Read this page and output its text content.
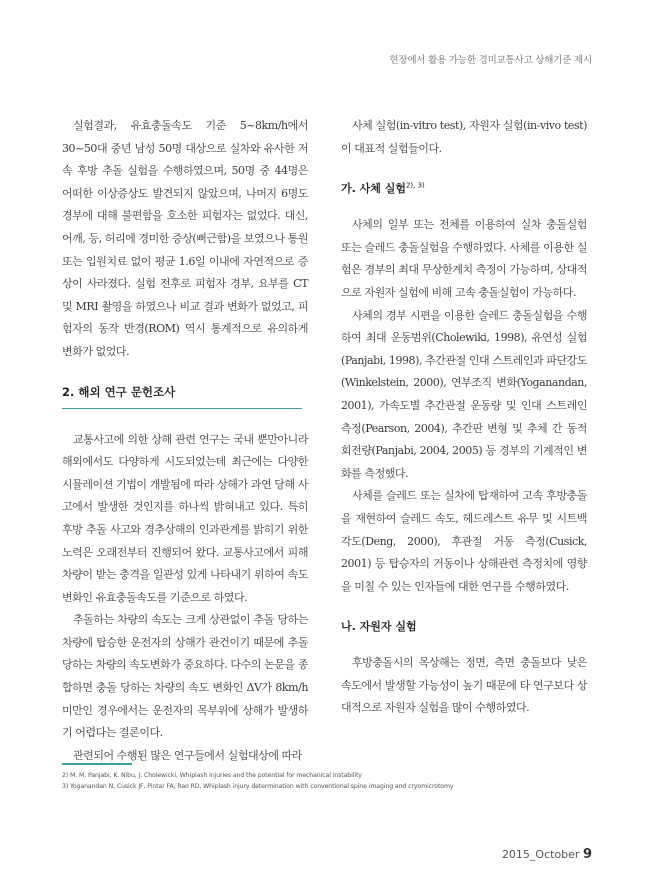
현장에서 활용 가능한 경미교통사고 상해기준 제시

실험결과, 유효충돌속도 기준 5~8km/h에서 30~50대 중년 남성 50명 대상으로 실차와 유사한 저속 후방 추돌 실험을 수행하였으며, 50명 중 44명은 어떠한 이상증상도 발견되지 않았으며, 나머지 6명도 경부에 대해 불편함을 호소한 피험자는 없었다. 대신, 어깨, 등, 허리에 경미한 증상(뻐근함)을 보였으나 통원 또는 입원치료 없이 평균 1.6일 이내에 자연적으로 증상이 사라졌다. 실험 전후로 피험자 경부, 요부를 CT 및 MRI 촬영을 하였으나 비교 결과 변화가 없었고, 피험자의 동작 반경(ROM) 역시 통계적으로 유의하게 변화가 없었다.

2. 해외 연구 문헌조사

교통사고에 의한 상해 관련 연구는 국내 뿐만아니라 해외에서도 다양하게 시도되었는데 최근에는 다양한 시뮬레이션 기법이 개발됨에 따라 상해가 과연 당해 사고에서 발생한 것인지를 하나씩 밝혀내고 있다. 특히 후방 추돌 사고와 경추상해의 인과관계를 밝히기 위한 노력은 오래전부터 진행되어 왔다. 교통사고에서 피해차량이 받는 충격을 일관성 있게 나타내기 위하여 속도변화인 유효충돌속도를 기준으로 하였다.

추돌하는 차량의 속도는 크게 상관없이 추돌 당하는 차량에 탑승한 운전자의 상해가 관건이기 때문에 추돌 당하는 차량의 속도변화가 중요하다. 다수의 논문을 종합하면 충돌 당하는 차량의 속도 변화인 ΔV가 8km/h 미만인 경우에서는 운전자의 목부위에 상해가 발생하기 어렵다는 결론이다.

관련되어 수행된 많은 연구들에서 실험대상에 따라

사체 실험(in-vitro test), 자원자 실험(in-vivo test)이 대표적 실험들이다.

가. 사체 실험$^{2), 3)}$

사체의 일부 또는 전체를 이용하여 실차 충돌실험 또는 슬레드 충돌실험을 수행하였다. 사체를 이용한 실험은 경부의 최대 무상한계치 측정이 가능하며, 상대적으로 자원자 실험에 비해 고속 충돌실험이 가능하다.

사체의 경부 시편을 이용한 슬레드 충돌실험을 수행하여 최대 운동범위(Cholewiki, 1998), 유연성 실험(Panjabi, 1998), 추간관절 인대 스트레인과 파단강도(Winkelstein, 2000), 연부조직 변화(Yoganandan, 2001), 가속도별 추간관절 운동량 및 인대 스트레인 측정(Pearson, 2004), 추간판 변형 및 추체 간 동적 회전량(Panjabi, 2004, 2005) 등 경부의 기계적인 변화를 측정했다.

사체를 슬레드 또는 실차에 탑재하여 고속 후방충돌을 재현하여 슬레드 속도, 헤드레스트 유무 및 시트백 각도(Deng, 2000), 후관절 거동 측정(Cusick, 2001) 등 탑승자의 거동이나 상해관련 측정치에 영향을 미칠 수 있는 인자들에 대한 연구를 수행하였다.

나. 자원자 실험

후방충돌시의 목상해는 정면, 측면 충돌보다 낮은 속도에서 발생할 가능성이 높기 때문에 타 연구보다 상대적으로 자원자 실험을 많이 수행하였다.

2) M. M. Panjabi, K. Nibu, J. Cholewicki, Whiplash injuries and the potential for mechanical instability
3) Yoganandan N, Cusick JF, Pintar FA, Rao RD, Whiplash injury determination with conventional spine imaging and cryomicrotomy
2015_October 9
